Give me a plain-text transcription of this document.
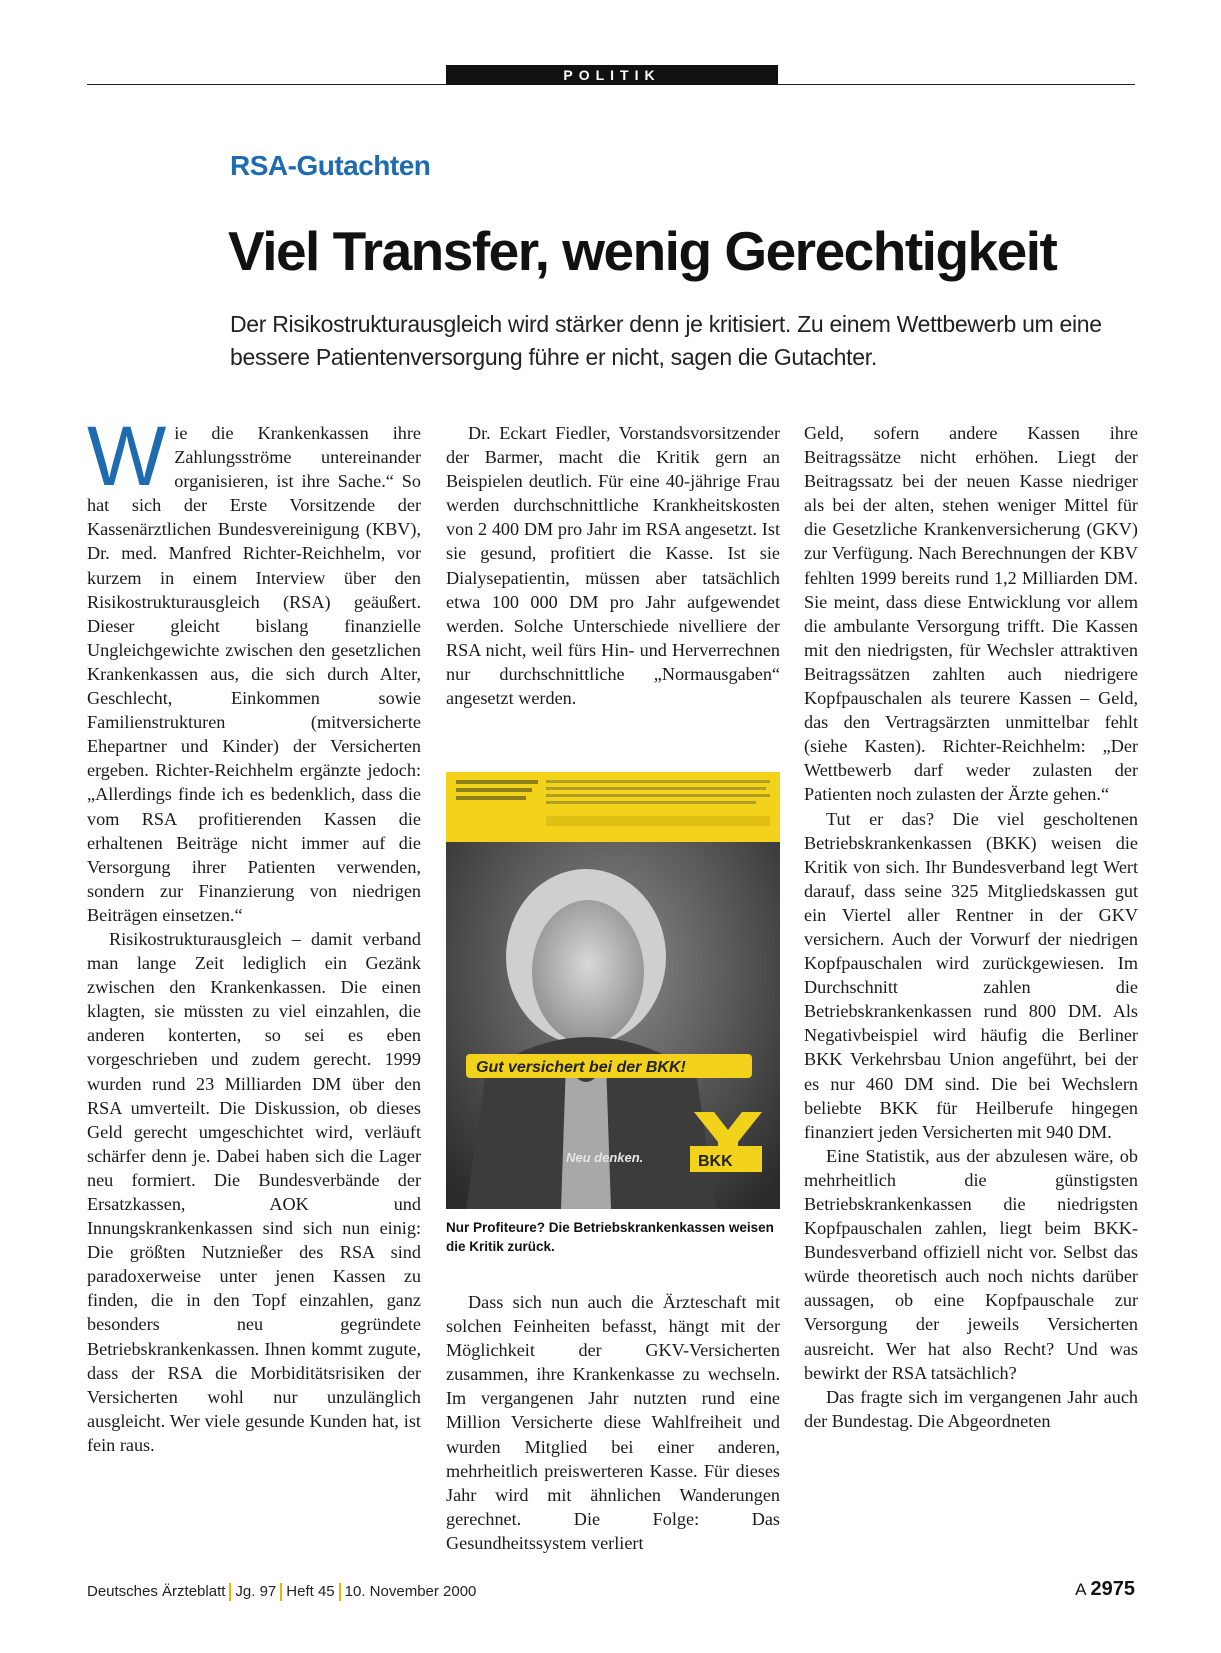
POLITIK
RSA-Gutachten
Viel Transfer, wenig Gerechtigkeit
Der Risikostrukturausgleich wird stärker denn je kritisiert. Zu einem Wettbewerb um eine bessere Patientenversorgung führe er nicht, sagen die Gutachter.

Wie die Krankenkassen ihre Zahlungsströme untereinander organisieren, ist ihre Sache.“ So hat sich der Erste Vorsitzende der Kassenärztlichen Bundesvereinigung (KBV), Dr. med. Manfred Richter-Reichhelm, vor kurzem in einem Interview über den Risikostrukturausgleich (RSA) geäußert. Dieser gleicht bislang finanzielle Ungleichgewichte zwischen den gesetzlichen Krankenkassen aus, die sich durch Alter, Geschlecht, Einkommen sowie Familienstrukturen (mitversicherte Ehepartner und Kinder) der Versicherten ergeben. Richter-Reichhelm ergänzte jedoch: „Allerdings finde ich es bedenklich, dass die vom RSA profitierenden Kassen die erhaltenen Beiträge nicht immer auf die Versorgung ihrer Patienten verwenden, sondern zur Finanzierung von niedrigen Beiträgen einsetzen.“

Risikostrukturausgleich – damit verband man lange Zeit lediglich ein Gezänk zwischen den Krankenkassen. Die einen klagten, sie müssten zu viel einzahlen, die anderen konterten, so sei es eben vorgeschrieben und zudem gerecht. 1999 wurden rund 23 Milliarden DM über den RSA umverteilt. Die Diskussion, ob dieses Geld gerecht umgeschichtet wird, verläuft schärfer denn je. Dabei haben sich die Lager neu formiert. Die Bundesverbände der Ersatzkassen, AOK und Innungskrankenkassen sind sich nun einig: Die größten Nutznießer des RSA sind paradoxerweise unter jenen Kassen zu finden, die in den Topf einzahlen, ganz besonders neu gegründete Betriebskrankenkassen. Ihnen kommt zugute, dass der RSA die Morbiditätsrisiken der Versicherten wohl nur unzulänglich ausgleicht. Wer viele gesunde Kunden hat, ist fein raus.

Dr. Eckart Fiedler, Vorstandsvorsitzender der Barmer, macht die Kritik gern an Beispielen deutlich. Für eine 40-jährige Frau werden durchschnittliche Krankheitskosten von 2 400 DM pro Jahr im RSA angesetzt. Ist sie gesund, profitiert die Kasse. Ist sie Dialysepatientin, müssen aber tatsächlich etwa 100 000 DM pro Jahr aufgewendet werden. Solche Unterschiede nivelliere der RSA nicht, weil fürs Hin- und Herverrechnen nur durchschnittliche „Normausgaben“ angesetzt werden.

Gut versichert bei der BKK!
Neu denken.	BKK
Nur Profiteure? Die Betriebskrankenkassen weisen die Kritik zurück.

Dass sich nun auch die Ärzteschaft mit solchen Feinheiten befasst, hängt mit der Möglichkeit der GKV-Versicherten zusammen, ihre Krankenkasse zu wechseln. Im vergangenen Jahr nutzten rund eine Million Versicherte diese Wahlfreiheit und wurden Mitglied bei einer anderen, mehrheitlich preiswerteren Kasse. Für dieses Jahr wird mit ähnlichen Wanderungen gerechnet. Die Folge: Das Gesundheitssystem verliert

Geld, sofern andere Kassen ihre Beitragssätze nicht erhöhen. Liegt der Beitragssatz bei der neuen Kasse niedriger als bei der alten, stehen weniger Mittel für die Gesetzliche Krankenversicherung (GKV) zur Verfügung. Nach Berechnungen der KBV fehlten 1999 bereits rund 1,2 Milliarden DM. Sie meint, dass diese Entwicklung vor allem die ambulante Versorgung trifft. Die Kassen mit den niedrigsten, für Wechsler attraktiven Beitragssätzen zahlten auch niedrigere Kopfpauschalen als teurere Kassen – Geld, das den Vertragsärzten unmittelbar fehlt (siehe Kasten). Richter-Reichhelm: „Der Wettbewerb darf weder zulasten der Patienten noch zulasten der Ärzte gehen.“

Tut er das? Die viel gescholtenen Betriebskrankenkassen (BKK) weisen die Kritik von sich. Ihr Bundesverband legt Wert darauf, dass seine 325 Mitgliedskassen gut ein Viertel aller Rentner in der GKV versichern. Auch der Vorwurf der niedrigen Kopfpauschalen wird zurückgewiesen. Im Durchschnitt zahlen die Betriebskrankenkassen rund 800 DM. Als Negativbeispiel wird häufig die Berliner BKK Verkehrsbau Union angeführt, bei der es nur 460 DM sind. Die bei Wechslern beliebte BKK für Heilberufe hingegen finanziert jeden Versicherten mit 940 DM.

Eine Statistik, aus der abzulesen wäre, ob mehrheitlich die günstigsten Betriebskrankenkassen die niedrigsten Kopfpauschalen zahlen, liegt beim BKK-Bundesverband offiziell nicht vor. Selbst das würde theoretisch auch noch nichts darüber aussagen, ob eine Kopfpauschale zur Versorgung der jeweils Versicherten ausreicht. Wer hat also Recht? Und was bewirkt der RSA tatsächlich?

Das fragte sich im vergangenen Jahr auch der Bundestag. Die Abgeordneten

Deutsches Ärzteblatt Jg. 97 Heft 45 10. November 2000	A 2975
